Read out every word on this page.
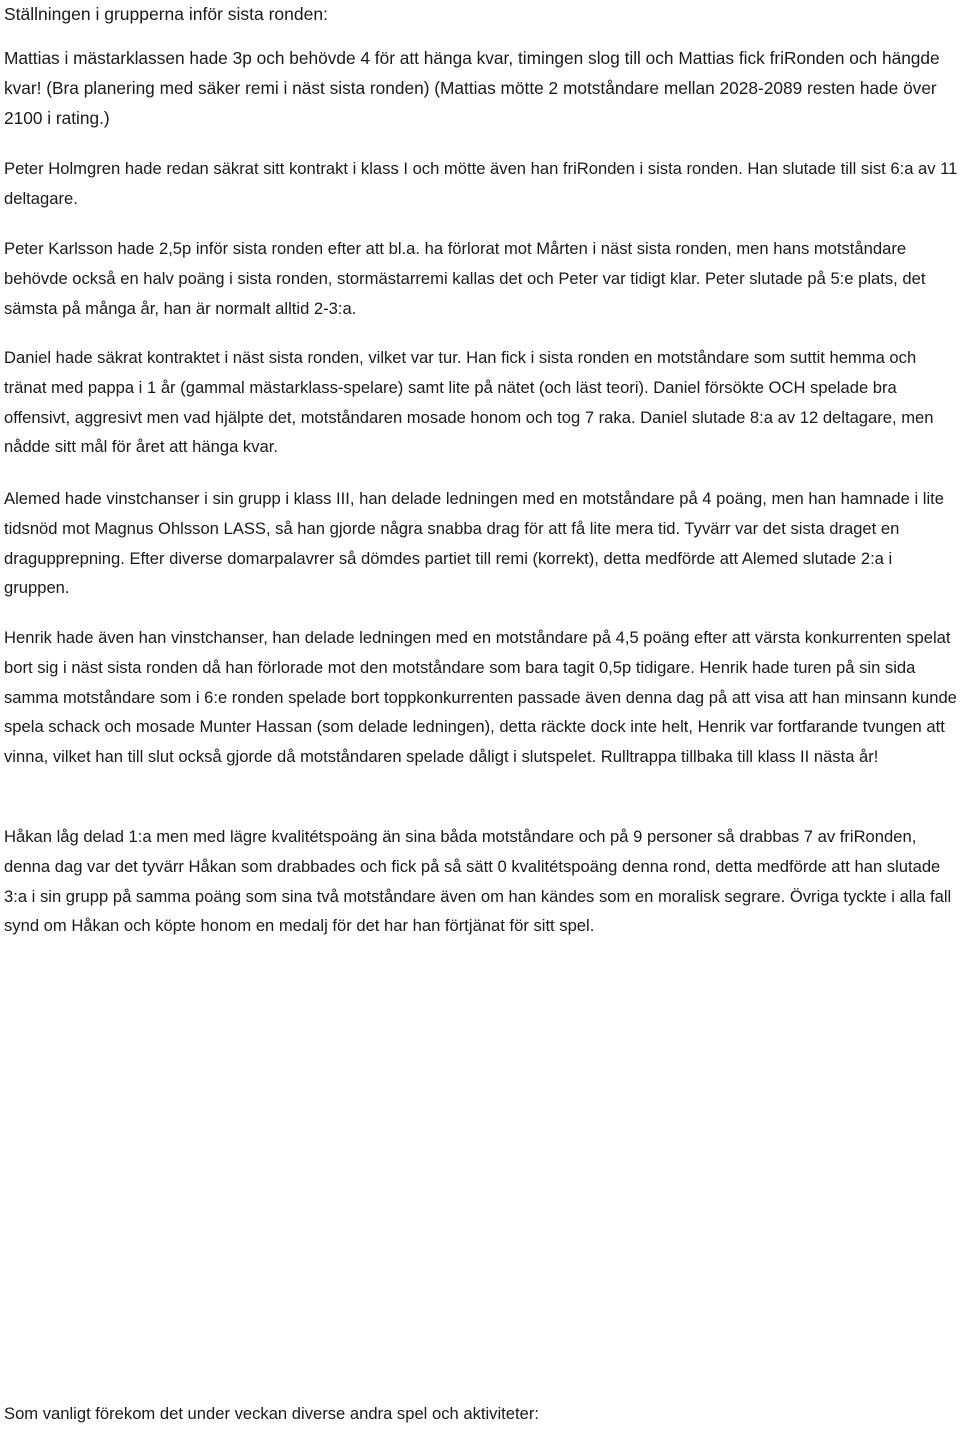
Ställningen i grupperna inför sista ronden:

Mattias i mästarklassen hade 3p och behövde 4 för att hänga kvar, timingen slog till och Mattias fick friRonden och hängde kvar! (Bra planering med säker remi i näst sista ronden) (Mattias mötte 2 motståndare mellan 2028-2089 resten hade över 2100 i rating.)

Peter Holmgren hade redan säkrat sitt kontrakt i klass I och mötte även han friRonden i sista ronden. Han slutade till sist 6:a av 11 deltagare.

Peter Karlsson hade 2,5p inför sista ronden efter att bl.a. ha förlorat mot Mårten i näst sista ronden, men hans motståndare behövde också en halv poäng i sista ronden, stormästarremi kallas det och Peter var tidigt klar. Peter slutade på 5:e plats, det sämsta på många år, han är normalt alltid 2-3:a.

Daniel hade säkrat kontraktet i näst sista ronden, vilket var tur. Han fick i sista ronden en motståndare som suttit hemma och tränat med pappa i 1 år (gammal mästarklass-spelare) samt lite på nätet (och läst teori). Daniel försökte OCH spelade bra offensivt, aggresivt men vad hjälpte det, motståndaren mosade honom och tog 7 raka. Daniel slutade 8:a av 12 deltagare, men nådde sitt mål för året att hänga kvar.

Alemed hade vinstchanser i sin grupp i klass III, han delade ledningen med en motståndare på 4 poäng, men han hamnade i lite tidsnöd mot Magnus Ohlsson LASS, så han gjorde några snabba drag för att få lite mera tid. Tyvärr var det sista draget en dragupprepning. Efter diverse domarpalavrer så dömdes partiet till remi (korrekt), detta medförde att Alemed slutade 2:a i gruppen.

Henrik hade även han vinstchanser, han delade ledningen med en motståndare på 4,5 poäng efter att värsta konkurrenten spelat bort sig i näst sista ronden då han förlorade mot den motståndare som bara tagit 0,5p tidigare. Henrik hade turen på sin sida samma motståndare som i 6:e ronden spelade bort toppkonkurrenten passade även denna dag på att visa att han minsann kunde spela schack och mosade Munter Hassan (som delade ledningen), detta räckte dock inte helt, Henrik var fortfarande tvungen att vinna, vilket han till slut också gjorde då motståndaren spelade dåligt i slutspelet. Rulltrappa tillbaka till klass II nästa år!

Håkan låg delad 1:a men med lägre kvalitétspoäng än sina båda motståndare och på 9 personer så drabbas 7 av friRonden, denna dag var det tyvärr Håkan som drabbades och fick på så sätt 0 kvalitétspoäng denna rond, detta medförde att han slutade 3:a i sin grupp på samma poäng som sina två motståndare även om han kändes som en moralisk segrare. Övriga tyckte i alla fall synd om Håkan och köpte honom en medalj för det har han förtjänat för sitt spel.

Som vanligt förekom det under veckan diverse andra spel och aktiviteter:
